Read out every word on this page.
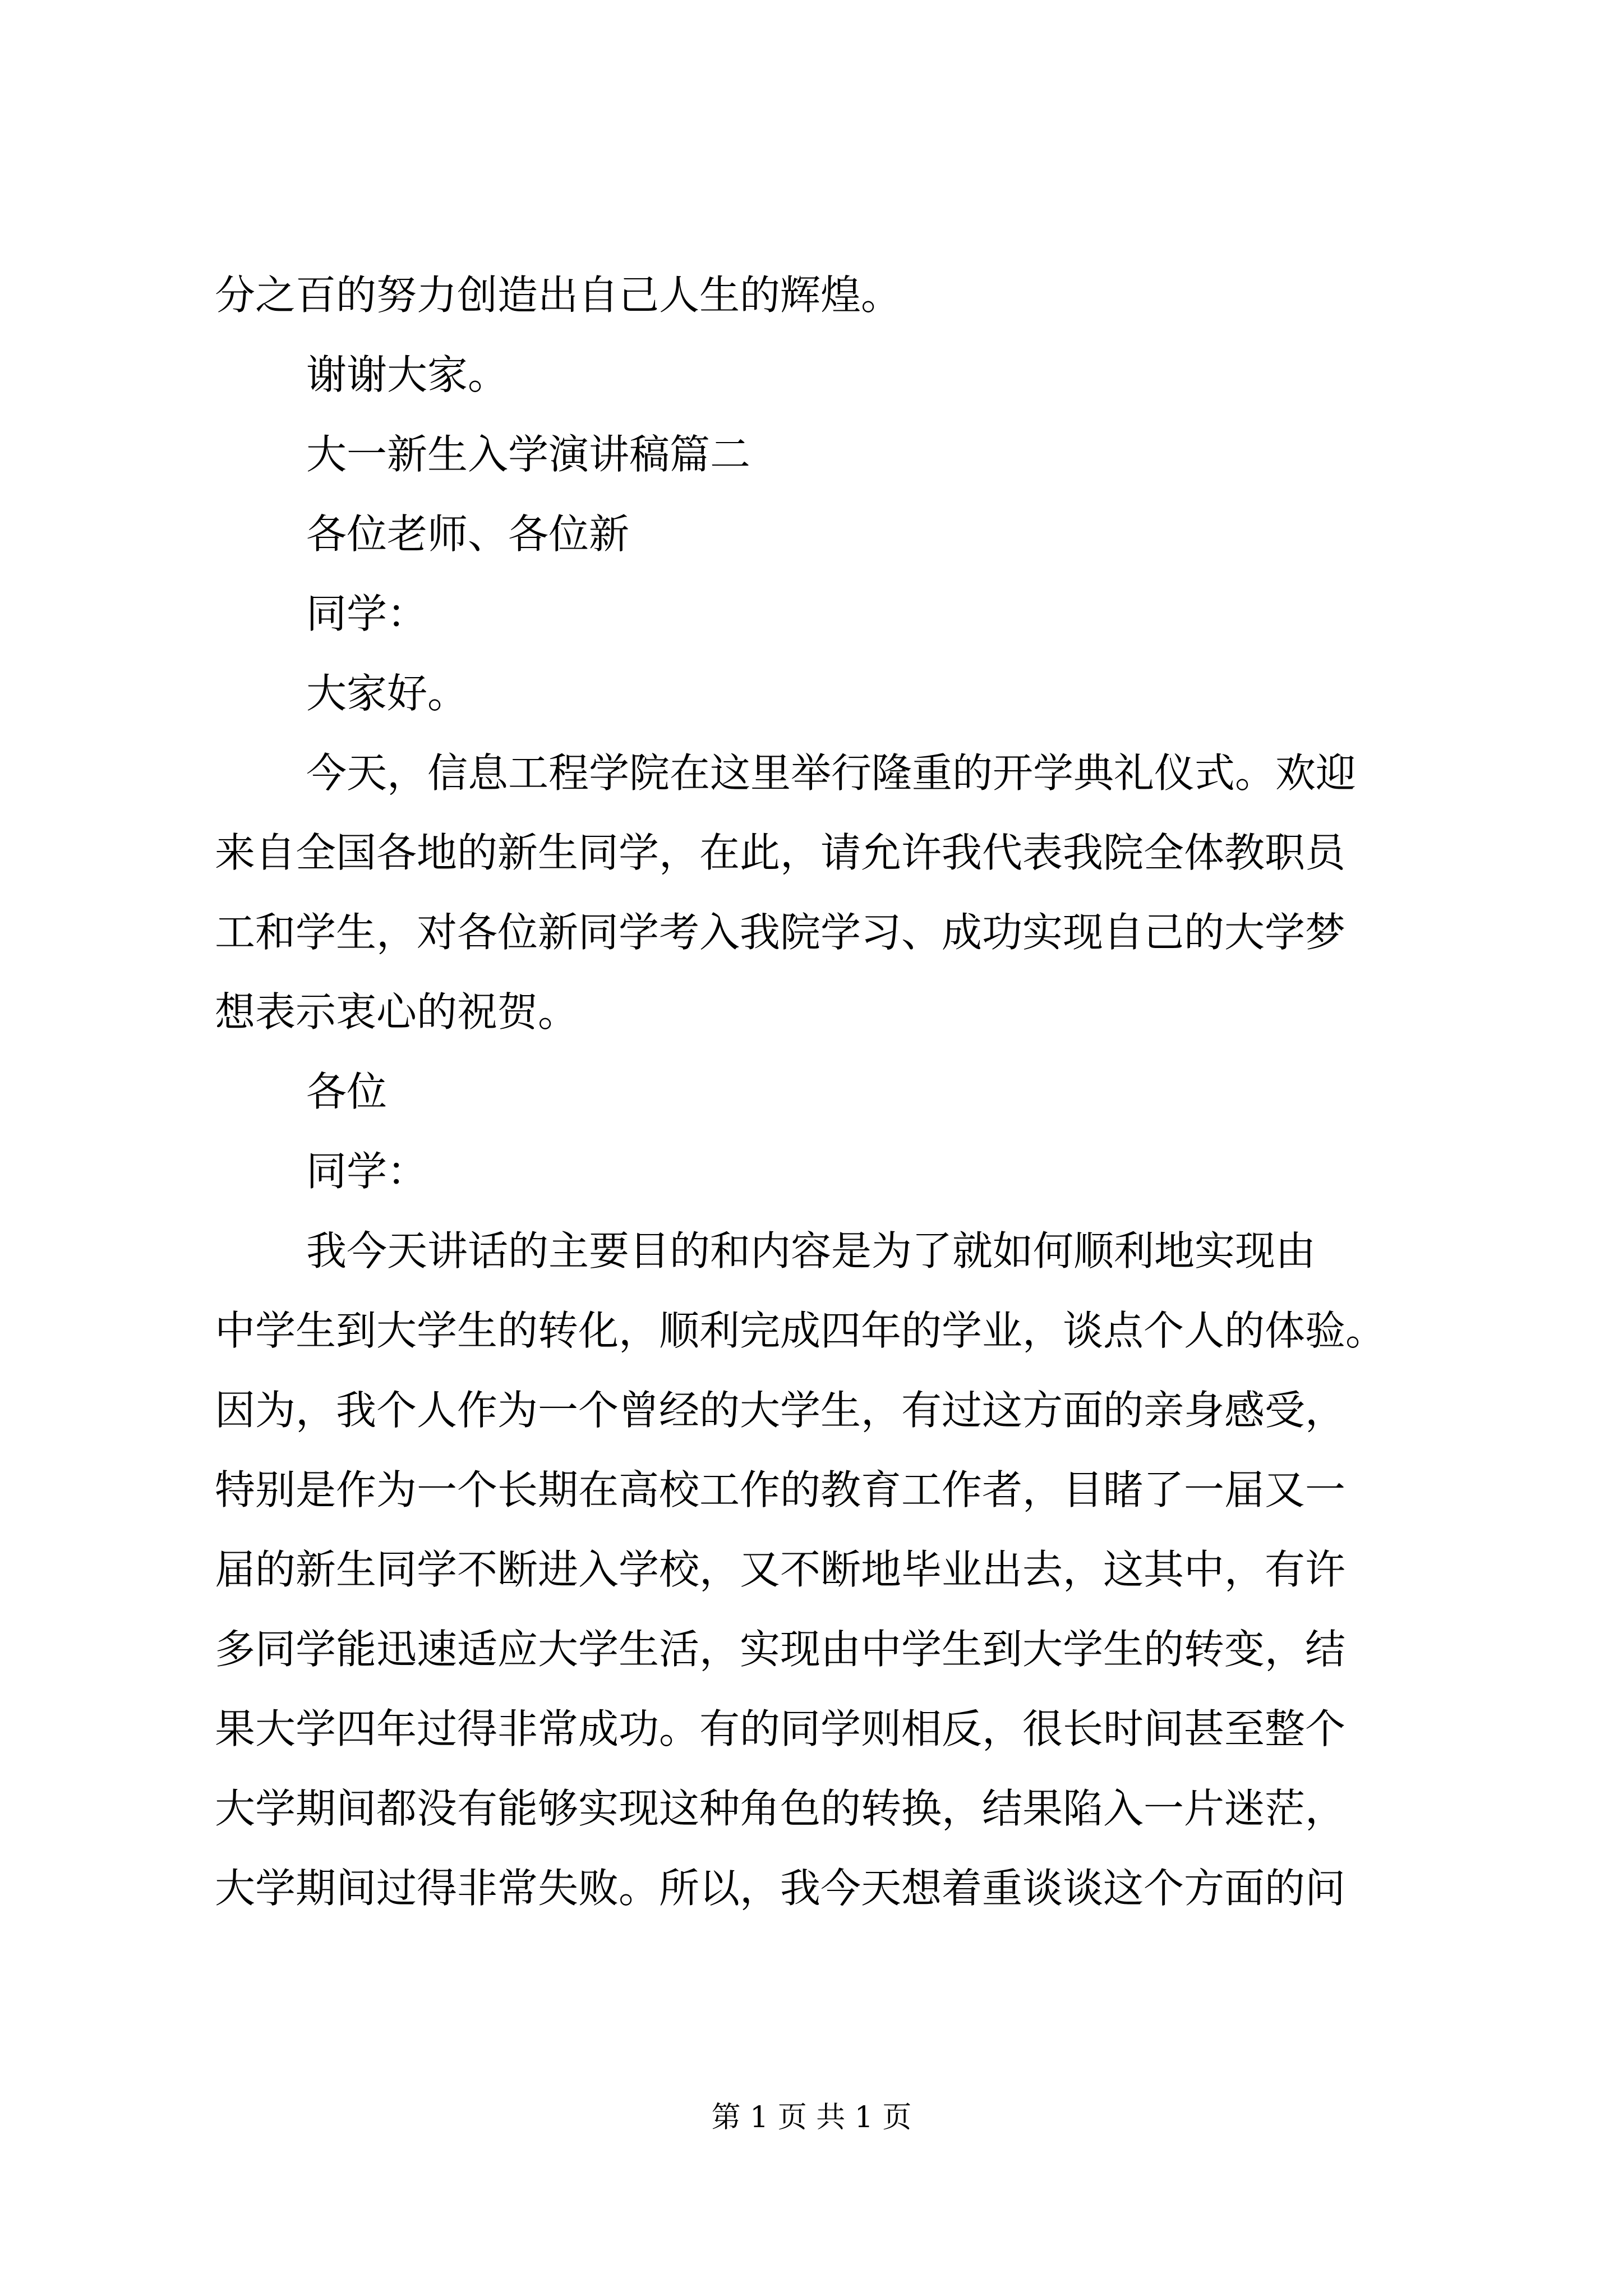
分之百的努力创造出自己人生的辉煌。
谢谢大家。
大一新生入学演讲稿篇二
各位老师、各位新
同学：
大家好。
今天，信息工程学院在这里举行隆重的开学典礼仪式。欢迎
来自全国各地的新生同学，在此，请允许我代表我院全体教职员
工和学生，对各位新同学考入我院学习、成功实现自己的大学梦
想表示衷心的祝贺。
各位
同学：
我今天讲话的主要目的和内容是为了就如何顺利地实现由
中学生到大学生的转化，顺利完成四年的学业，谈点个人的体验。
因为，我个人作为一个曾经的大学生，有过这方面的亲身感受，
特别是作为一个长期在高校工作的教育工作者，目睹了一届又一
届的新生同学不断进入学校，又不断地毕业出去，这其中，有许
多同学能迅速适应大学生活，实现由中学生到大学生的转变，结
果大学四年过得非常成功。有的同学则相反，很长时间甚至整个
大学期间都没有能够实现这种角色的转换，结果陷入一片迷茫，
大学期间过得非常失败。所以，我今天想着重谈谈这个方面的问
第 1 页 共 1 页
